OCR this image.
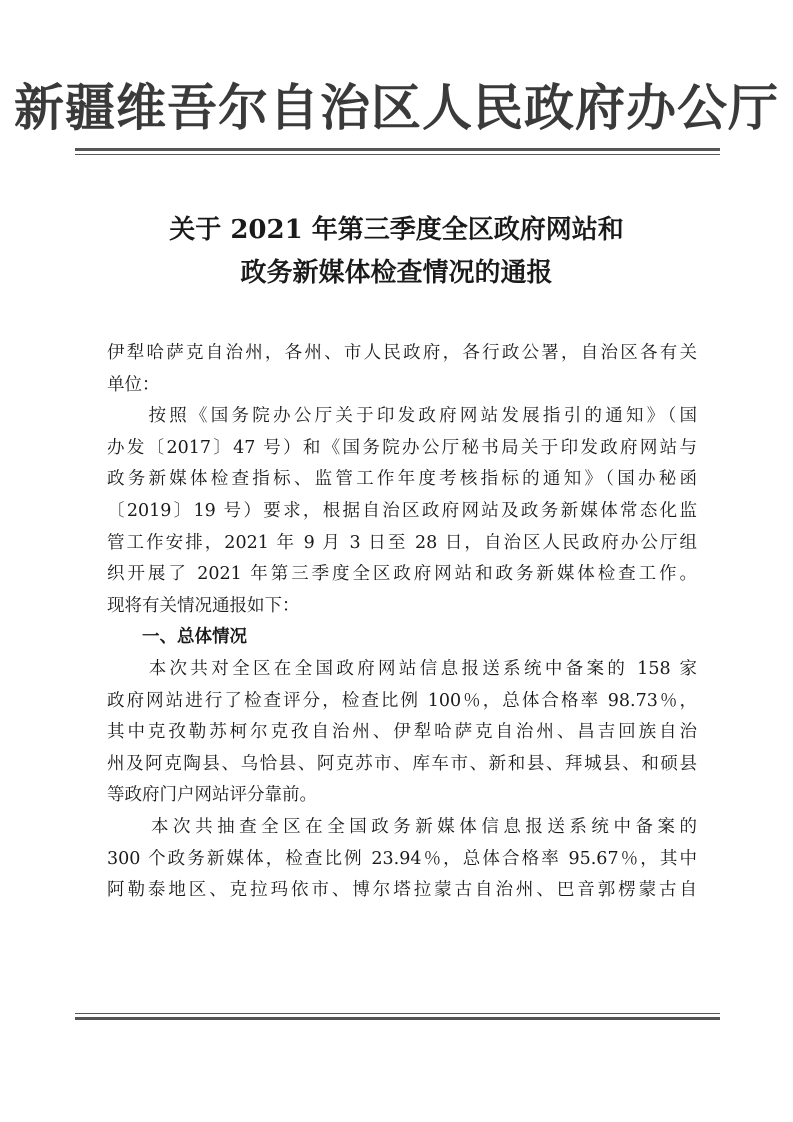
新疆维吾尔自治区人民政府办公厅
关于 2021 年第三季度全区政府网站和
政务新媒体检查情况的通报
伊犁哈萨克自治州，各州、市人民政府，各行政公署，自治区各有关
单位：
　　按照《国务院办公厅关于印发政府网站发展指引的通知》（国
办发〔2017〕47 号）和《国务院办公厅秘书局关于印发政府网站与
政务新媒体检查指标、监管工作年度考核指标的通知》（国办秘函
〔2019〕19 号）要求，根据自治区政府网站及政务新媒体常态化监
管工作安排，2021 年 9 月 3 日至 28 日，自治区人民政府办公厅组
织开展了 2021 年第三季度全区政府网站和政务新媒体检查工作。
现将有关情况通报如下：
　　一、总体情况
　　本次共对全区在全国政府网站信息报送系统中备案的 158 家
政府网站进行了检查评分，检查比例 100％，总体合格率 98.73％，
其中克孜勒苏柯尔克孜自治州、伊犁哈萨克自治州、昌吉回族自治
州及阿克陶县、乌恰县、阿克苏市、库车市、新和县、拜城县、和硕县
等政府门户网站评分靠前。
　　本次共抽查全区在全国政务新媒体信息报送系统中备案的
300 个政务新媒体，检查比例 23.94％，总体合格率 95.67％，其中
阿勒泰地区、克拉玛依市、博尔塔拉蒙古自治州、巴音郭楞蒙古自
